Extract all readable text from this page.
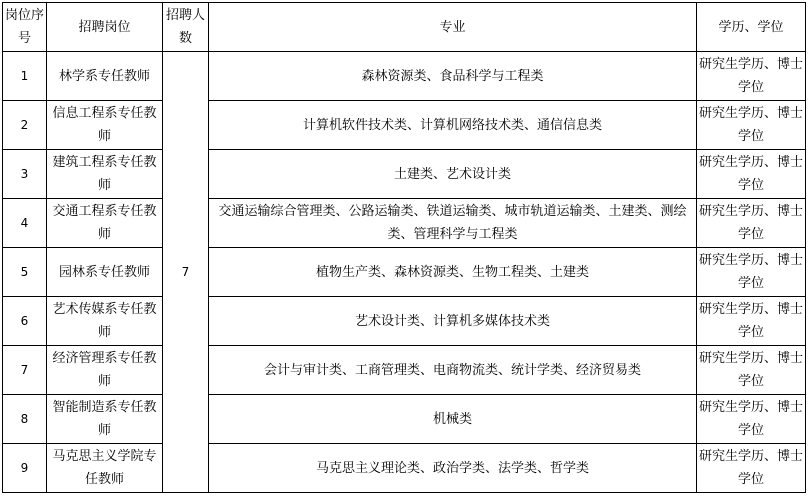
岗位序号	招聘岗位	招聘人数	专业	学历、学位
1	林学系专任教师	7	森林资源类、食品科学与工程类	研究生学历、博士学位
2	信息工程系专任教师		计算机软件技术类、计算机网络技术类、通信信息类	研究生学历、博士学位
3	建筑工程系专任教师		土建类、艺术设计类	研究生学历、博士学位
4	交通工程系专任教师		交通运输综合管理类、公路运输类、铁道运输类、城市轨道运输类、土建类、测绘类、管理科学与工程类	研究生学历、博士学位
5	园林系专任教师		植物生产类、森林资源类、生物工程类、土建类	研究生学历、博士学位
6	艺术传媒系专任教师		艺术设计类、计算机多媒体技术类	研究生学历、博士学位
7	经济管理系专任教师		会计与审计类、工商管理类、电商物流类、统计学类、经济贸易类	研究生学历、博士学位
8	智能制造系专任教师		机械类	研究生学历、博士学位
9	马克思主义学院专任教师		马克思主义理论类、政治学类、法学类、哲学类	研究生学历、博士学位
